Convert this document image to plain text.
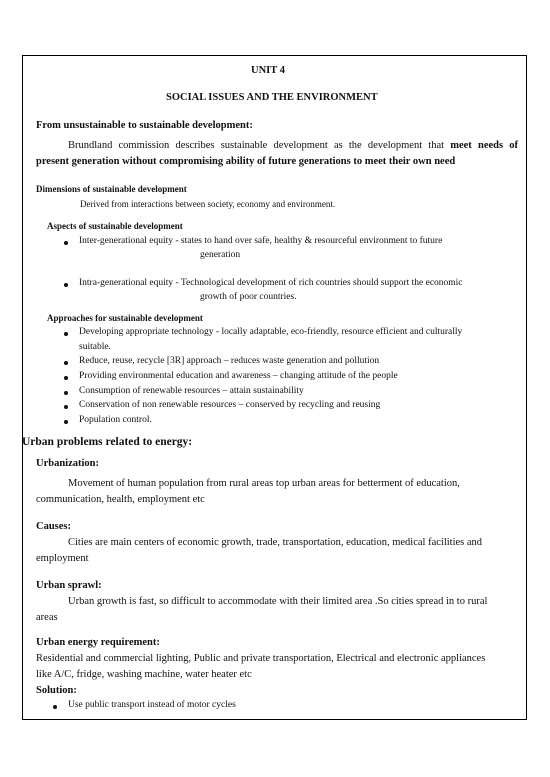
UNIT 4
SOCIAL ISSUES AND THE ENVIRONMENT
From unsustainable to sustainable development:
Brundland commission describes sustainable development as the development that meet needs of
present generation without compromising ability of future generations to meet their own need
Dimensions of sustainable development
Derived from interactions between society, economy and environment.
Aspects of sustainable development
Inter-generational equity - states to hand over safe, healthy & resourceful environment to future
generation
Intra-generational equity - Technological development of rich countries should support the economic
growth of poor countries.
Approaches for sustainable development
Developing appropriate technology - locally adaptable, eco-friendly, resource efficient and culturally
suitable.
Reduce, reuse, recycle [3R] approach – reduces waste generation and pollution
Providing environmental education and awareness – changing attitude of the people
Consumption of renewable resources – attain sustainability
Conservation of non renewable resources – conserved by recycling and reusing
Population control.
Urban problems related to energy:
Urbanization:
Movement of human population from rural areas top urban areas for betterment of education,
communication, health, employment etc
Causes:
Cities are main centers of economic growth, trade, transportation, education, medical facilities and
employment
Urban sprawl:
Urban growth is fast, so difficult to accommodate with their limited area .So cities spread in to rural
areas
Urban energy requirement:
Residential and commercial lighting, Public and private transportation, Electrical and electronic appliances
like A/C, fridge, washing machine, water heater etc
Solution:
Use public transport instead of motor cycles
